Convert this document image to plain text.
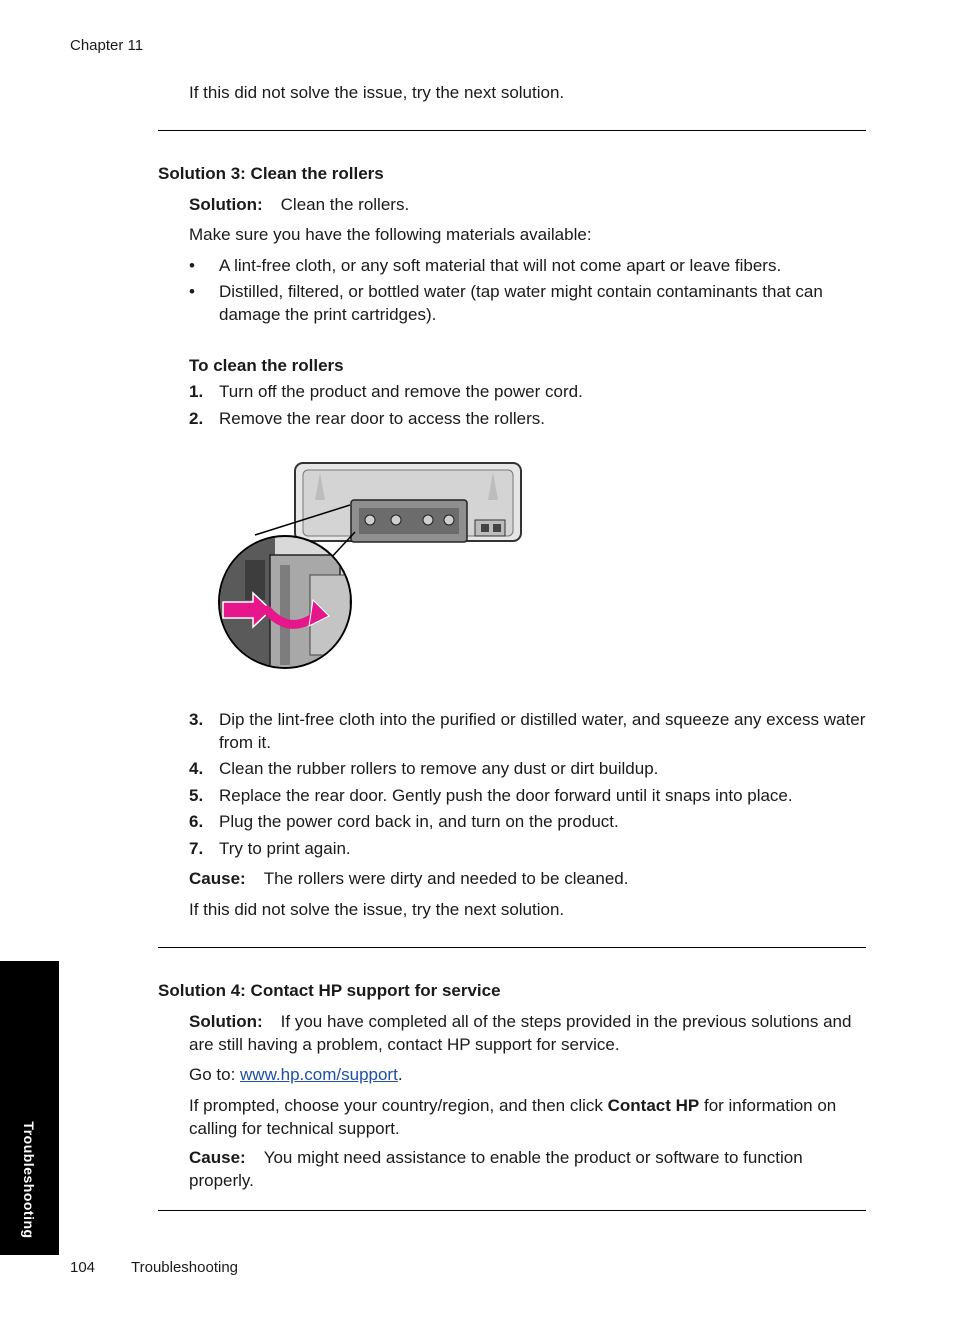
Chapter 11
If this did not solve the issue, try the next solution.
Solution 3: Clean the rollers
Solution: Clean the rollers.
Make sure you have the following materials available:
• A lint-free cloth, or any soft material that will not come apart or leave fibers.
• Distilled, filtered, or bottled water (tap water might contain contaminants that can damage the print cartridges).
To clean the rollers
1. Turn off the product and remove the power cord.
2. Remove the rear door to access the rollers.
3. Dip the lint-free cloth into the purified or distilled water, and squeeze any excess water from it.
4. Clean the rubber rollers to remove any dust or dirt buildup.
5. Replace the rear door. Gently push the door forward until it snaps into place.
6. Plug the power cord back in, and turn on the product.
7. Try to print again.
Cause: The rollers were dirty and needed to be cleaned.
If this did not solve the issue, try the next solution.
Solution 4: Contact HP support for service
Solution: If you have completed all of the steps provided in the previous solutions and are still having a problem, contact HP support for service.
Go to: www.hp.com/support.
If prompted, choose your country/region, and then click Contact HP for information on calling for technical support.
Cause: You might need assistance to enable the product or software to function properly.
Troubleshooting
104 Troubleshooting
